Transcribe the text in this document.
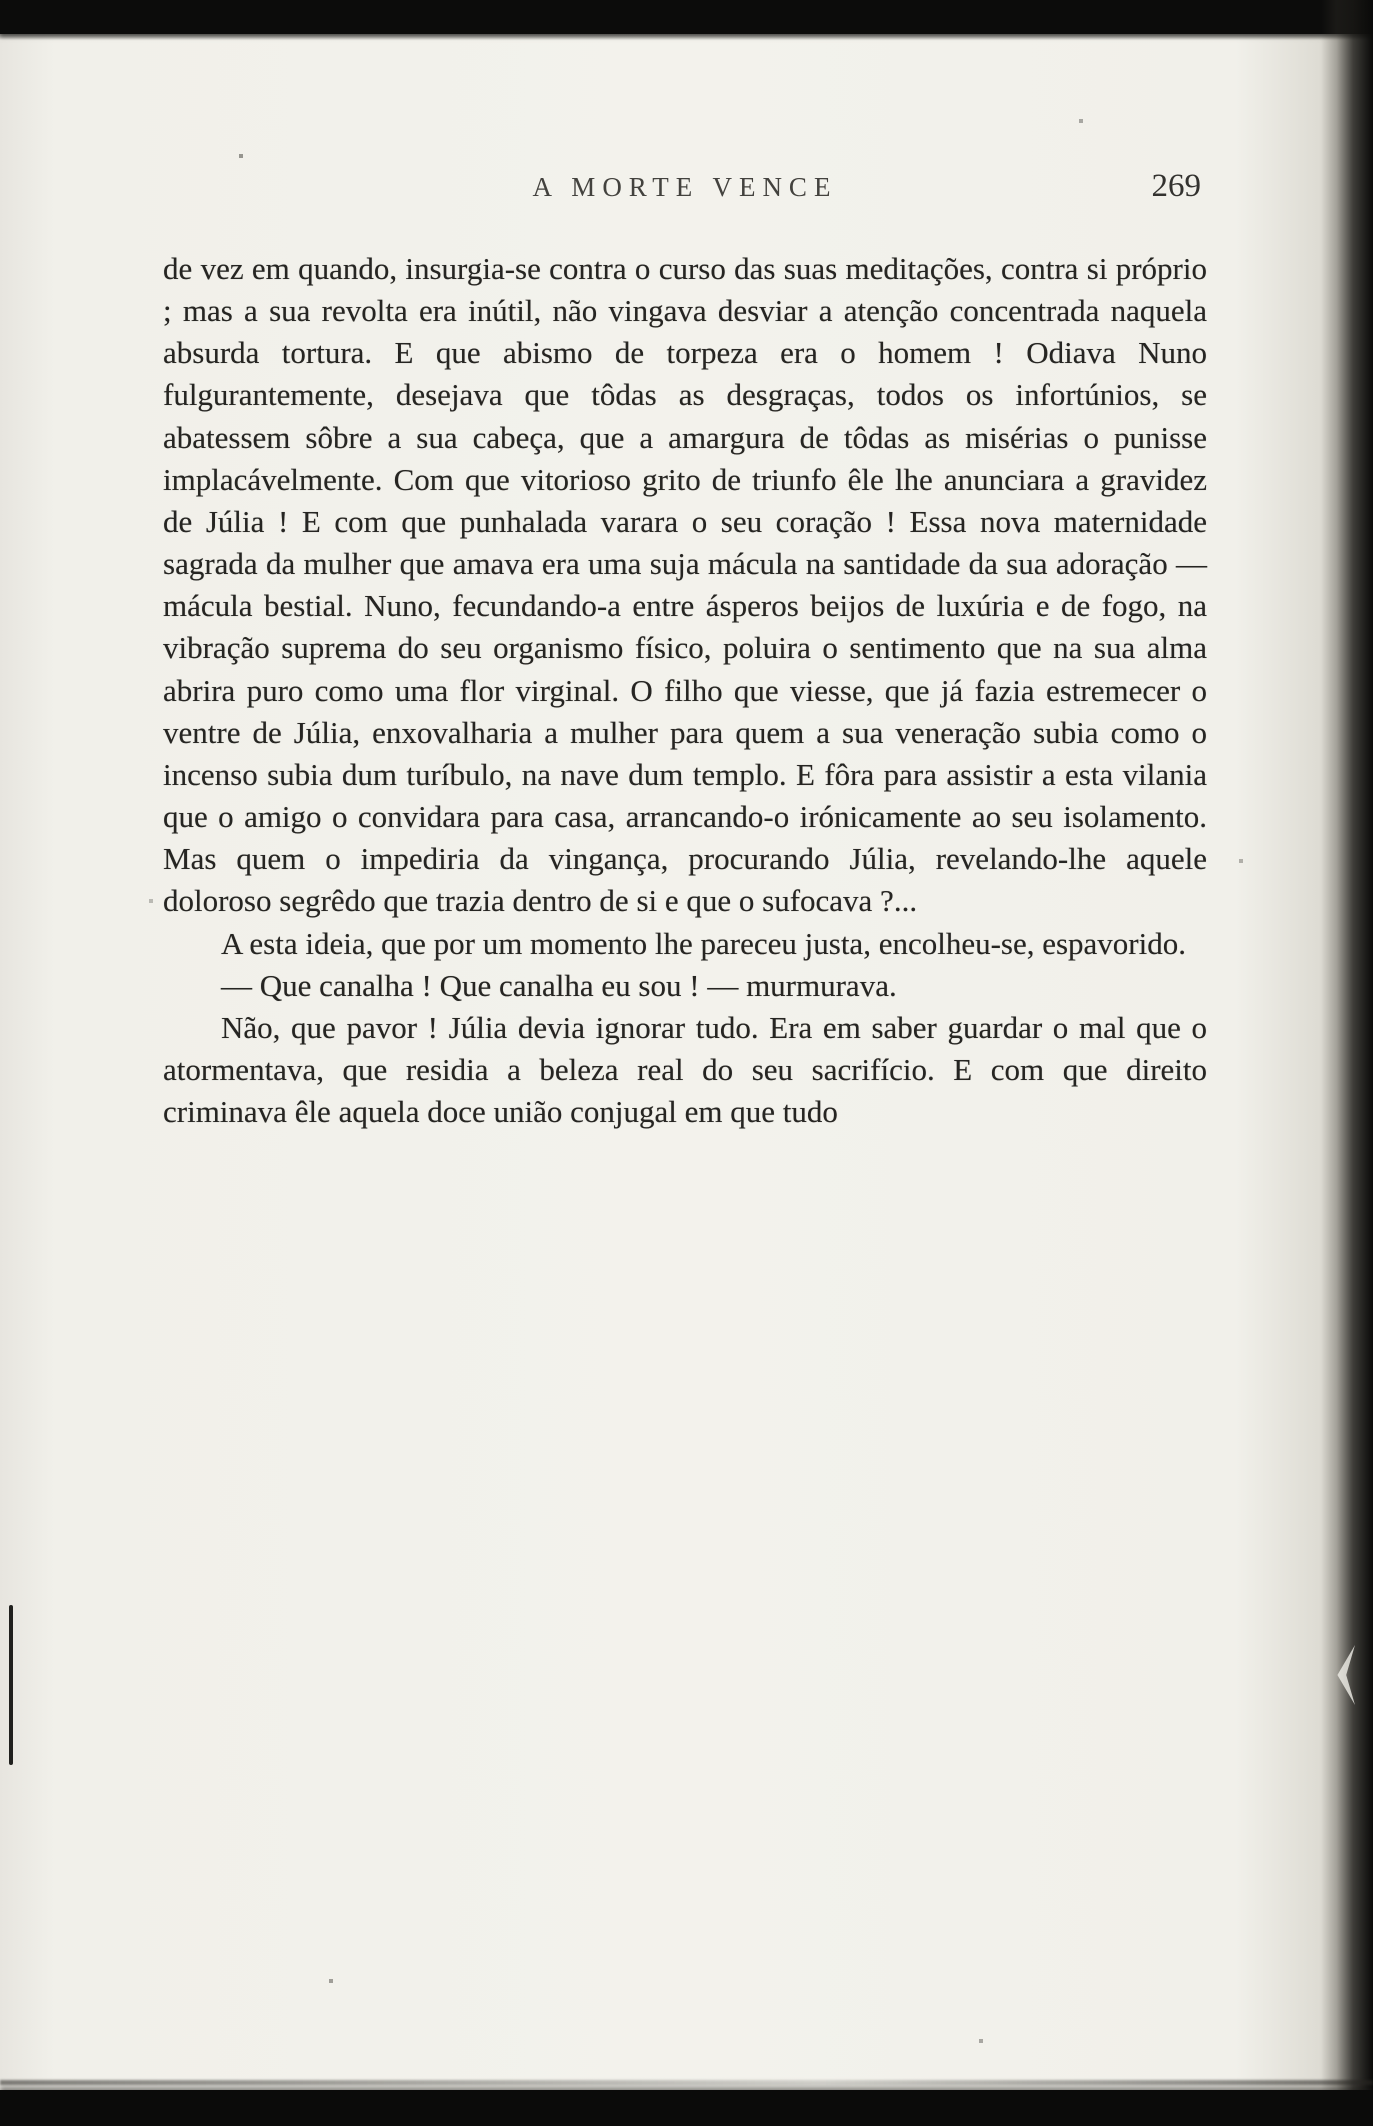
A MORTE VENCE	269

de vez em quando, insurgia-se contra o curso das suas meditações, contra si próprio ; mas a sua revolta era inútil, não vingava desviar a atenção concentrada naquela absurda tortura. E que abismo de torpeza era o homem ! Odiava Nuno fulgurantemente, desejava que tôdas as desgraças, todos os infortúnios, se abatessem sôbre a sua cabeça, que a amargura de tôdas as misérias o punisse implacávelmente. Com que vitorioso grito de triunfo êle lhe anunciara a gravidez de Júlia ! E com que punhalada varara o seu coração ! Essa nova maternidade sagrada da mulher que amava era uma suja mácula na santidade da sua adoração — mácula bestial. Nuno, fecundando-a entre ásperos beijos de luxúria e de fogo, na vibração suprema do seu organismo físico, poluira o sentimento que na sua alma abrira puro como uma flor virginal. O filho que viesse, que já fazia estremecer o ventre de Júlia, enxovalharia a mulher para quem a sua veneração subia como o incenso subia dum turíbulo, na nave dum templo. E fôra para assistir a esta vilania que o amigo o convidara para casa, arrancando-o irónicamente ao seu isolamento. Mas quem o impediria da vingança, procurando Júlia, revelando-lhe aquele doloroso segrêdo que trazia dentro de si e que o sufocava ?...

A esta ideia, que por um momento lhe pareceu justa, encolheu-se, espavorido.

— Que canalha ! Que canalha eu sou ! — murmurava.

Não, que pavor ! Júlia devia ignorar tudo. Era em saber guardar o mal que o atormentava, que residia a beleza real do seu sacrifício. E com que direito criminava êle aquela doce união conjugal em que tudo
